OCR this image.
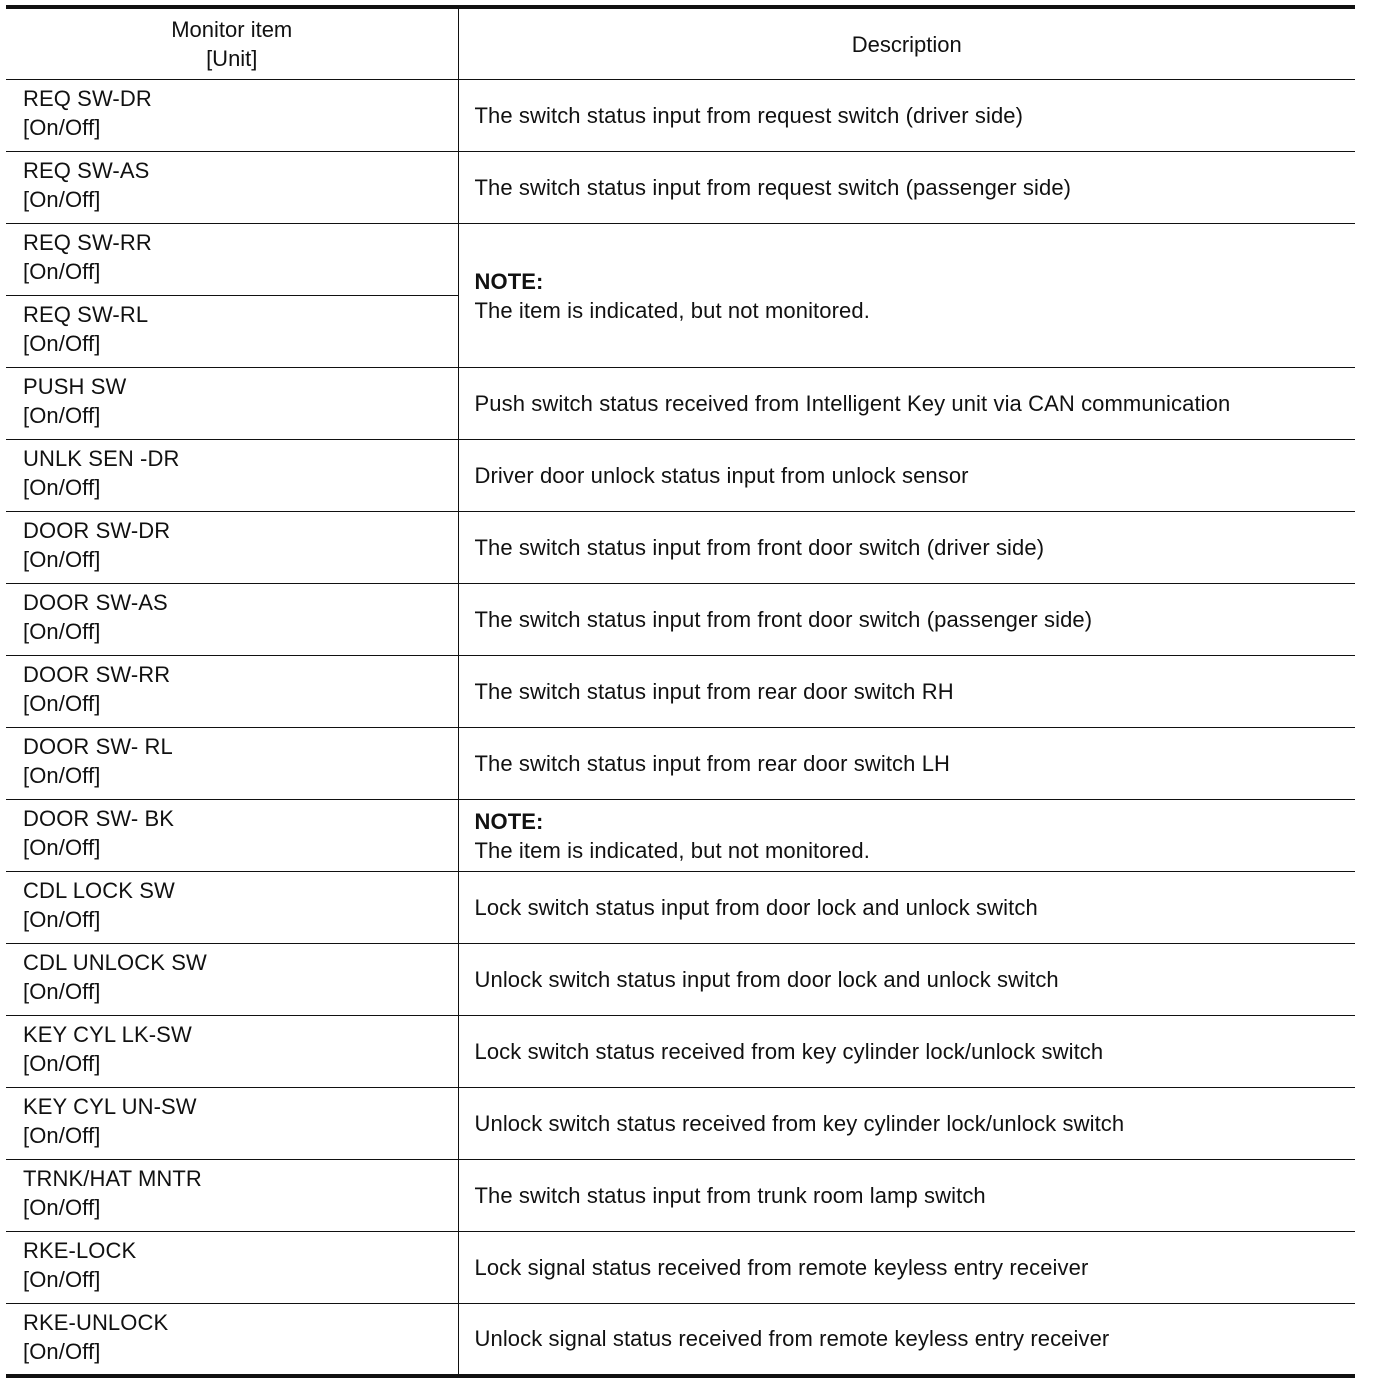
Monitor item
[Unit]	Description

REQ SW-DR
[On/Off]	The switch status input from request switch (driver side)

REQ SW-AS
[On/Off]	The switch status input from request switch (passenger side)

REQ SW-RR
[On/Off]	NOTE:
The item is indicated, but not monitored.

REQ SW-RL
[On/Off]	

PUSH SW
[On/Off]	Push switch status received from Intelligent Key unit via CAN communication

UNLK SEN -DR
[On/Off]	Driver door unlock status input from unlock sensor

DOOR SW-DR
[On/Off]	The switch status input from front door switch (driver side)

DOOR SW-AS
[On/Off]	The switch status input from front door switch (passenger side)

DOOR SW-RR
[On/Off]	The switch status input from rear door switch RH

DOOR SW- RL
[On/Off]	The switch status input from rear door switch LH

DOOR SW- BK
[On/Off]	NOTE:
The item is indicated, but not monitored.

CDL LOCK SW
[On/Off]	Lock switch status input from door lock and unlock switch

CDL UNLOCK SW
[On/Off]	Unlock switch status input from door lock and unlock switch

KEY CYL LK-SW
[On/Off]	Lock switch status received from key cylinder lock/unlock switch

KEY CYL UN-SW
[On/Off]	Unlock switch status received from key cylinder lock/unlock switch

TRNK/HAT MNTR
[On/Off]	The switch status input from trunk room lamp switch

RKE-LOCK
[On/Off]	Lock signal status received from remote keyless entry receiver

RKE-UNLOCK
[On/Off]	Unlock signal status received from remote keyless entry receiver
